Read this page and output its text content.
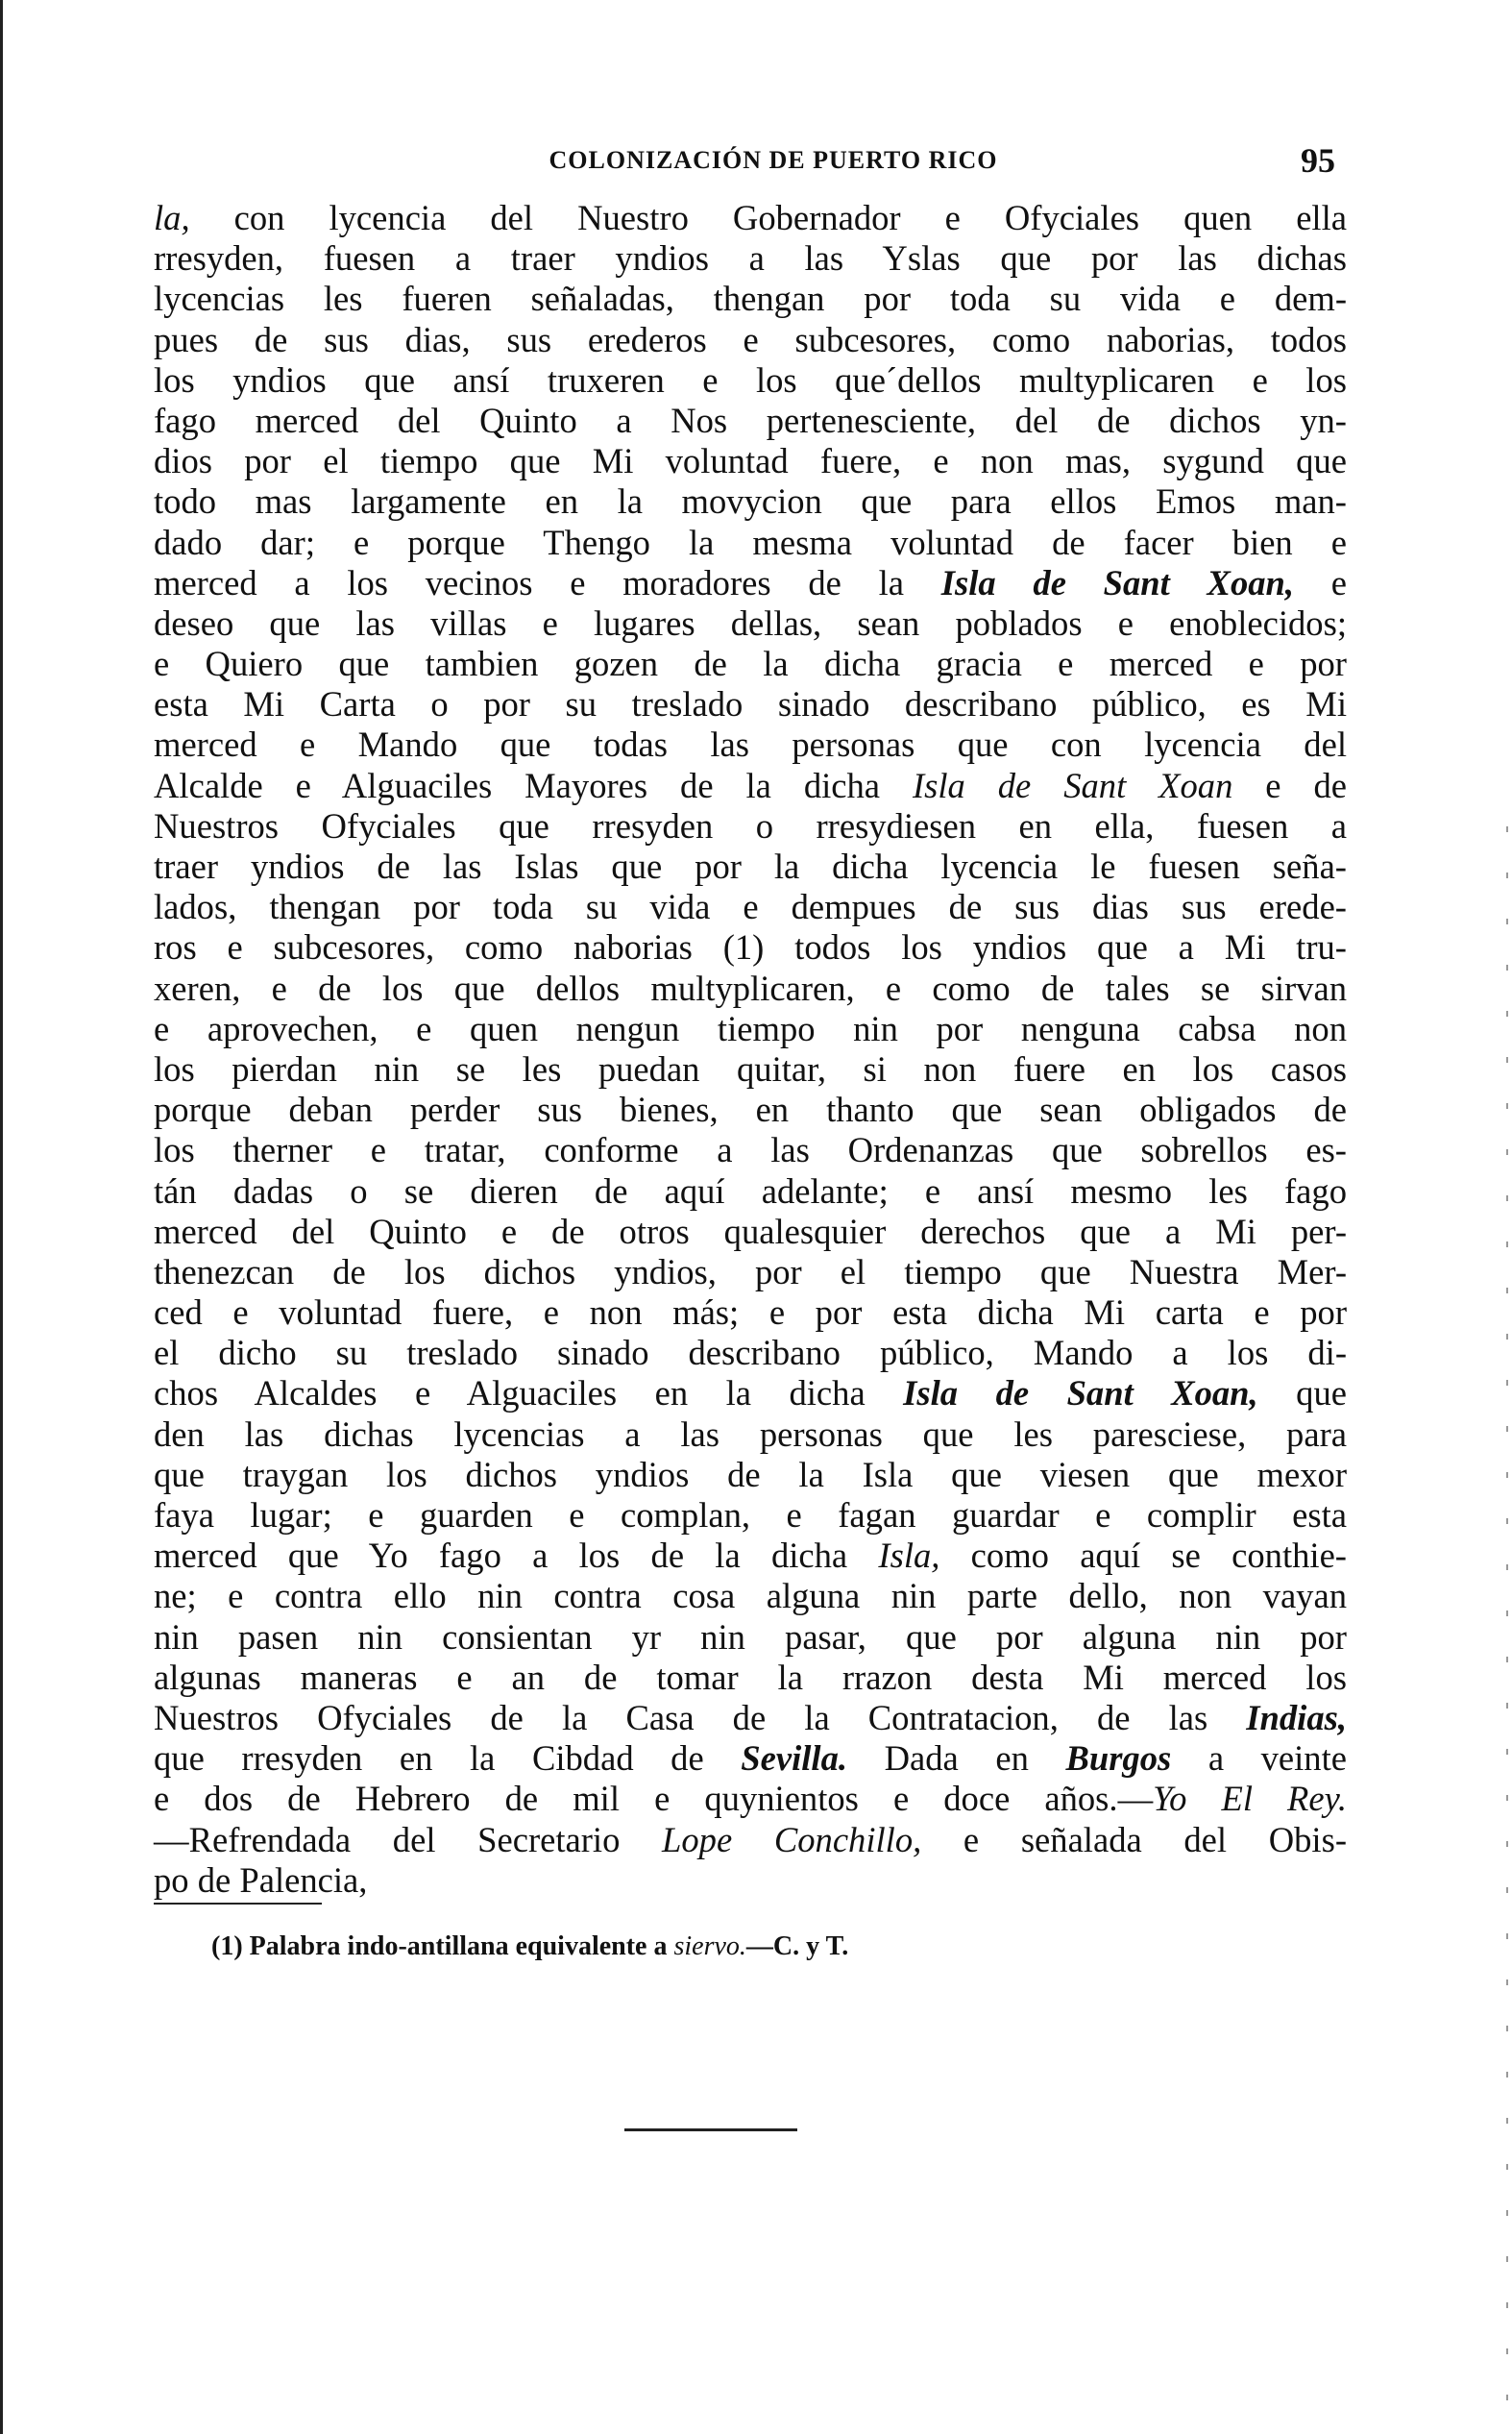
COLONIZACIÓN DE PUERTO RICO	95
la, con lycencia del Nuestro Gobernador e Ofyciales quen ella
rresyden, fuesen a traer yndios a las Yslas que por las dichas
lycencias les fueren señaladas, thengan por toda su vida e dem-
pues de sus dias, sus erederos e subcesores, como naborias, todos
los yndios que ansí truxeren e los que´dellos multyplicaren e los
fago merced del Quinto a Nos pertenesciente, del de dichos yn-
dios por el tiempo que Mi voluntad fuere, e non mas, sygund que
todo mas largamente en la movycion que para ellos Emos man-
dado dar; e porque Thengo la mesma voluntad de facer bien e
merced a los vecinos e moradores de la Isla de Sant Xoan, e
deseo que las villas e lugares dellas, sean poblados e enoblecidos;
e Quiero que tambien gozen de la dicha gracia e merced e por
esta Mi Carta o por su treslado sinado describano público, es Mi
merced e Mando que todas las personas que con lycencia del
Alcalde e Alguaciles Mayores de la dicha Isla de Sant Xoan e de
Nuestros Ofyciales que rresyden o rresydiesen en ella, fuesen a
traer yndios de las Islas que por la dicha lycencia le fuesen seña-
lados, thengan por toda su vida e dempues de sus dias sus erede-
ros e subcesores, como naborias (1) todos los yndios que a Mi tru-
xeren, e de los que dellos multyplicaren, e como de tales se sirvan
e aprovechen, e quen nengun tiempo nin por nenguna cabsa non
los pierdan nin se les puedan quitar, si non fuere en los casos
porque deban perder sus bienes, en thanto que sean obligados de
los therner e tratar, conforme a las Ordenanzas que sobrellos es-
tán dadas o se dieren de aquí adelante; e ansí mesmo les fago
merced del Quinto e de otros qualesquier derechos que a Mi per-
thenezcan de los dichos yndios, por el tiempo que Nuestra Mer-
ced e voluntad fuere, e non más; e por esta dicha Mi carta e por
el dicho su treslado sinado describano público, Mando a los di-
chos Alcaldes e Alguaciles en la dicha Isla de Sant Xoan, que
den las dichas lycencias a las personas que les paresciese, para
que traygan los dichos yndios de la Isla que viesen que mexor
faya lugar; e guarden e complan, e fagan guardar e complir esta
merced que Yo fago a los de la dicha Isla, como aquí se conthie-
ne; e contra ello nin contra cosa alguna nin parte dello, non vayan
nin pasen nin consientan yr nin pasar, que por alguna nin por
algunas maneras e an de tomar la rrazon desta Mi merced los
Nuestros Ofyciales de la Casa de la Contratacion, de las Indias,
que rresyden en la Cibdad de Sevilla. Dada en Burgos a veinte
e dos de Hebrero de mil e quynientos e doce años.—Yo El Rey.
—Refrendada del Secretario Lope Conchillo, e señalada del Obis-
po de Palencia,
(1) Palabra indo-antillana equivalente a siervo.—C. y T.
